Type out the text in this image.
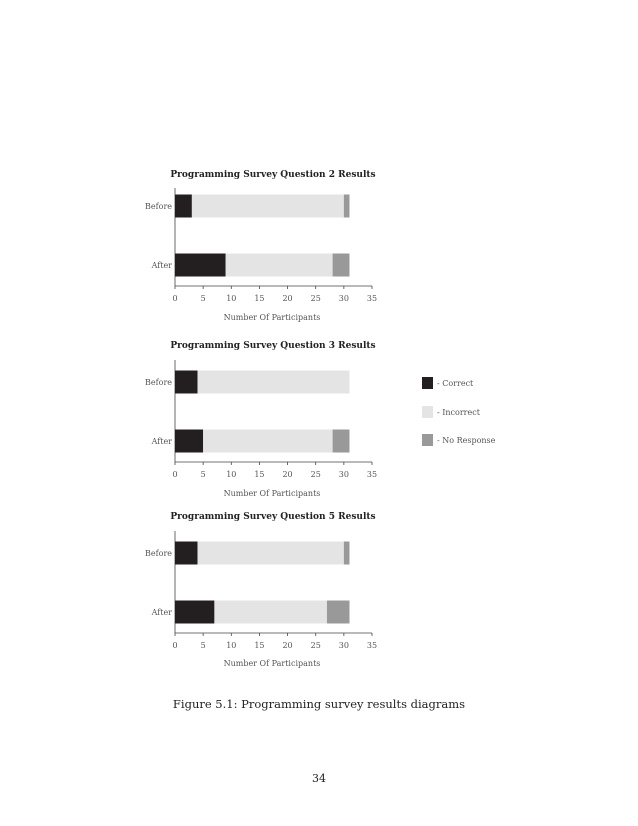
Programming Survey Question 2 Results
0	5	10 15 20 25 30 35
Number Of Participants
Before
After
Programming Survey Question 3 Results
0	5	10 15 20 25 30 35
Number Of Participants
Before
After
Programming Survey Question 5 Results
0	5	10 15 20 25 30 35
Number Of Participants
Before
After
- Correct
- Incorrect
- No Response
Figure 5.1: Programming survey results diagrams
34
